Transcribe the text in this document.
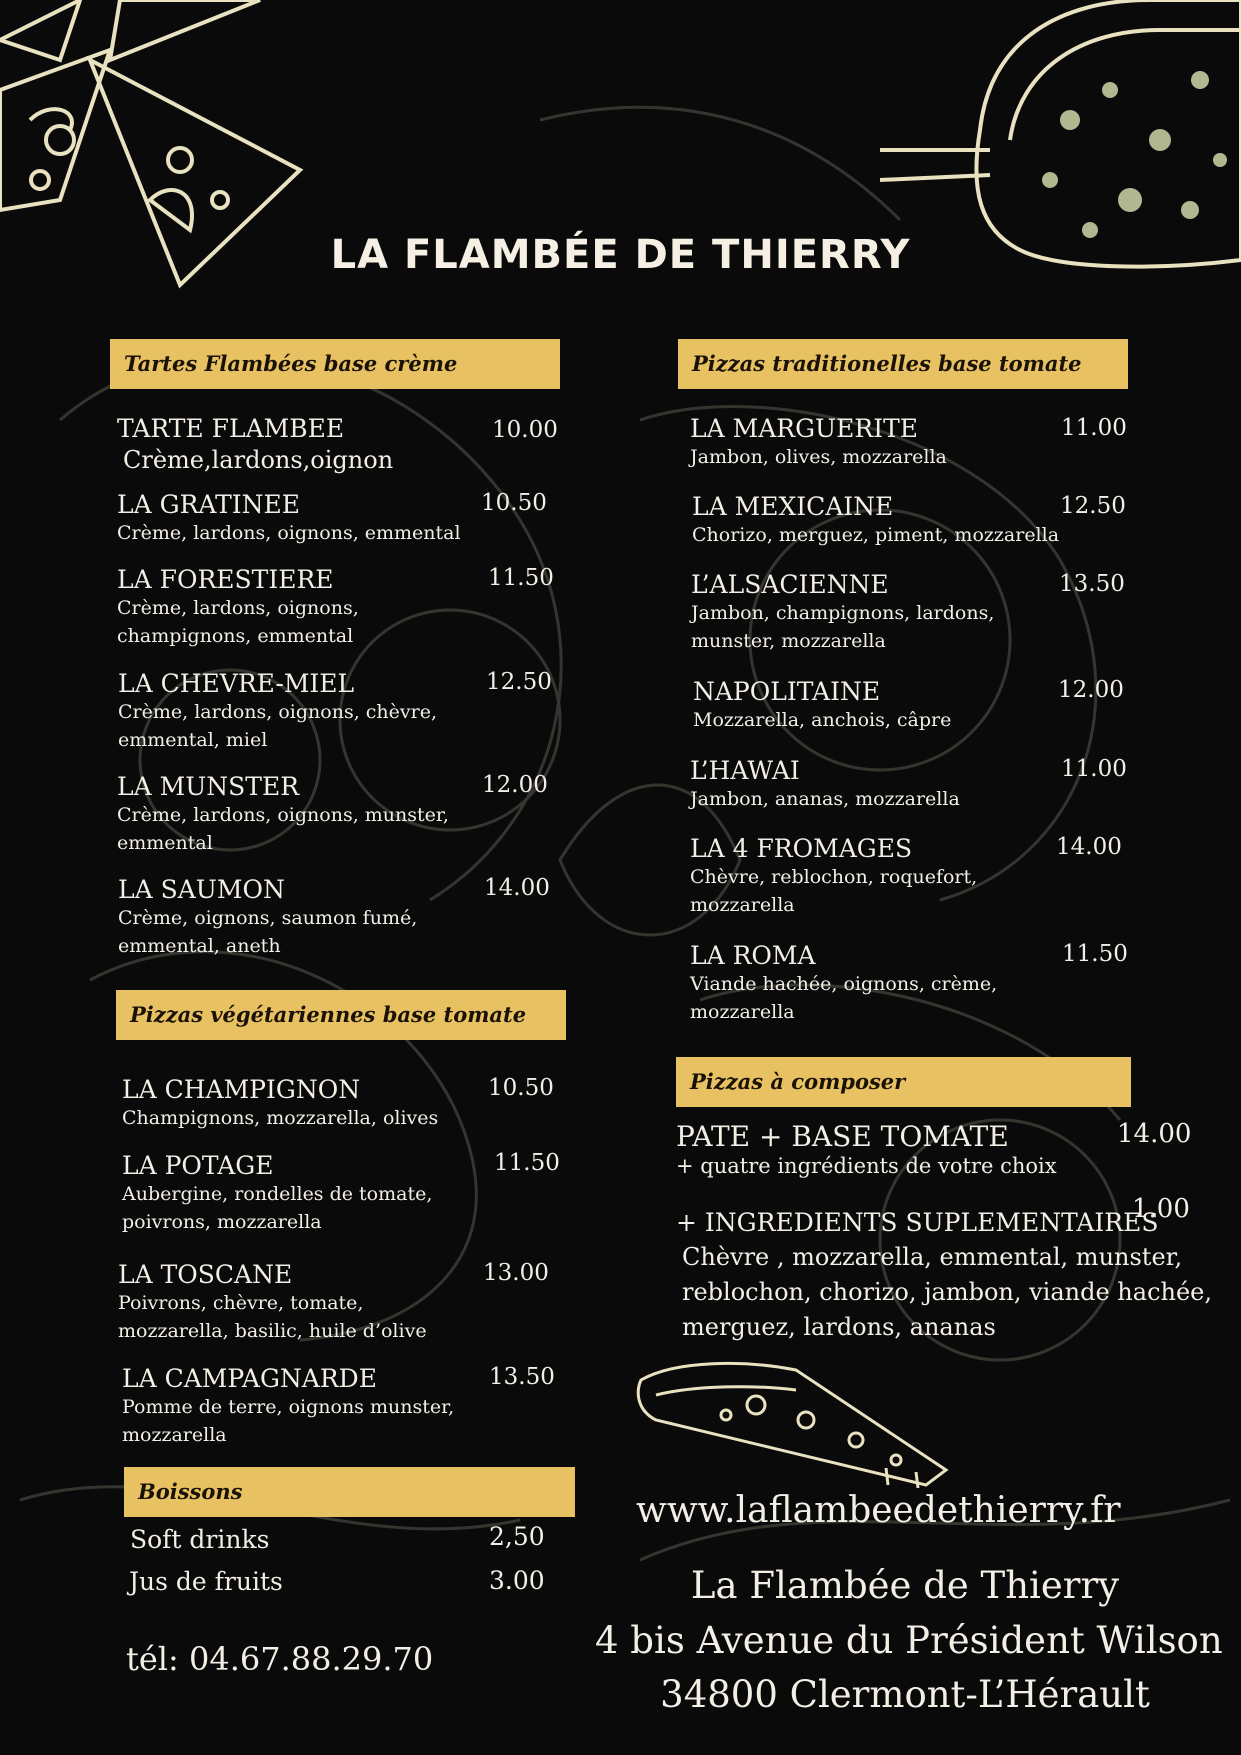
LA FLAMBÉE DE THIERRY
Tartes Flambées base crème
TARTE FLAMBEE
Crème,lardons,oignon
10.00
LA GRATINEE
Crème, lardons, oignons, emmental
10.50
LA FORESTIERE
Crème, lardons, oignons, champignons, emmental
11.50
LA CHEVRE-MIEL
Crème, lardons, oignons, chèvre, emmental, miel
12.50
LA MUNSTER
Crème, lardons, oignons, munster, emmental
12.00
LA SAUMON
Crème, oignons, saumon fumé, emmental, aneth
14.00
Pizzas végétariennes base tomate
LA CHAMPIGNON
Champignons, mozzarella, olives
10.50
LA POTAGE
Aubergine, rondelles de tomate, poivrons, mozzarella
11.50
LA TOSCANE
Poivrons, chèvre, tomate, mozzarella, basilic, huile d’olive
13.00
LA CAMPAGNARDE
Pomme de terre, oignons munster, mozzarella
13.50
Boissons
Soft drinks	2,50
Jus de fruits	3.00
tél: 04.67.88.29.70
Pizzas traditionelles base tomate
LA MARGUERITE
Jambon, olives, mozzarella
11.00
LA MEXICAINE
Chorizo, merguez, piment, mozzarella
12.50
L’ALSACIENNE
Jambon, champignons, lardons, munster, mozzarella
13.50
NAPOLITAINE
Mozzarella, anchois, câpre
12.00
L’HAWAI
Jambon, ananas, mozzarella
11.00
LA 4 FROMAGES
Chèvre, reblochon, roquefort, mozzarella
14.00
LA ROMA
Viande hachée, oignons, crème, mozzarella
11.50
Pizzas à composer
PATE + BASE TOMATE
+ quatre ingrédients de votre choix
14.00
+ INGREDIENTS SUPLEMENTAIRES
1.00
Chèvre , mozzarella, emmental, munster, reblochon, chorizo, jambon, viande hachée, merguez, lardons, ananas
www.laflambeedethierry.fr
La Flambée de Thierry
4 bis Avenue du Président Wilson
34800 Clermont-L’Hérault
